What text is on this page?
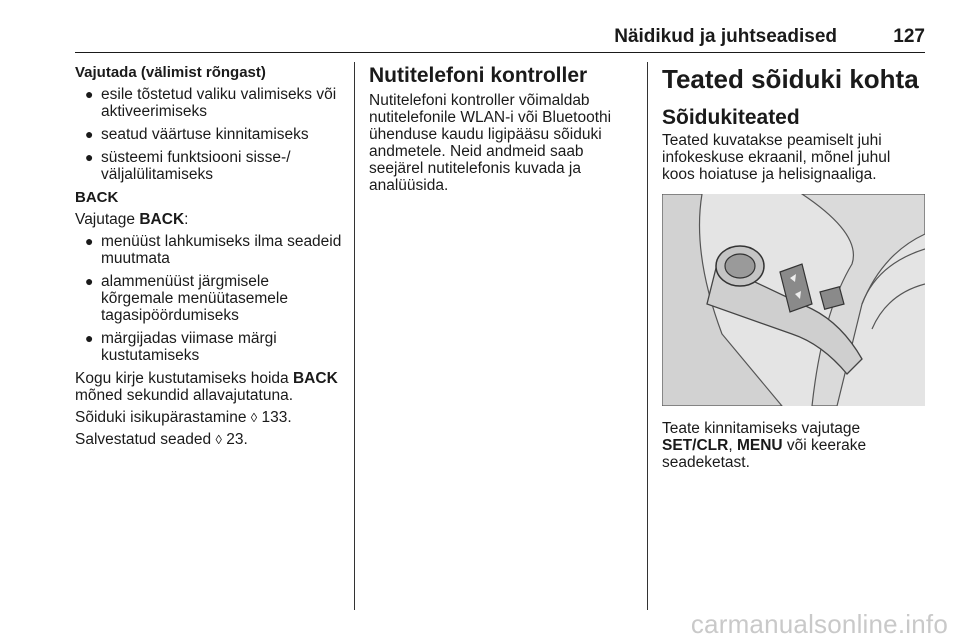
Näidikud ja juhtseadised	127

Vajutada (välimist rõngast)

● esile tõstetud valiku valimiseks või aktiveerimiseks
● seatud väärtuse kinnitamiseks
● süsteemi funktsiooni sisse-/ väljalülitamiseks

BACK

Vajutage BACK:

● menüüst lahkumiseks ilma seadeid muutmata
● alammenüüst järgmisele kõrgemale menüütasemele tagasipöördumiseks
● märgijadas viimase märgi kustutamiseks

Kogu kirje kustutamiseks hoida BACK mõned sekundid allavajutatuna.

Sõiduki isikupärastamine ◊ 133.

Salvestatud seaded ◊ 23.

Nutitelefoni kontroller

Nutitelefoni kontroller võimaldab nutitelefonile WLAN-i või Bluetoothi ühenduse kaudu ligipääsu sõiduki andmetele. Neid andmeid saab seejärel nutitelefonis kuvada ja analüüsida.

Teated sõiduki kohta

Sõidukiteated

Teated kuvatakse peamiselt juhi infokeskuse ekraanil, mõnel juhul koos hoiatuse ja helisignaaliga.

Teate kinnitamiseks vajutage
SET/CLR, MENU või keerake seadeketast.

carmanualsonline.info
